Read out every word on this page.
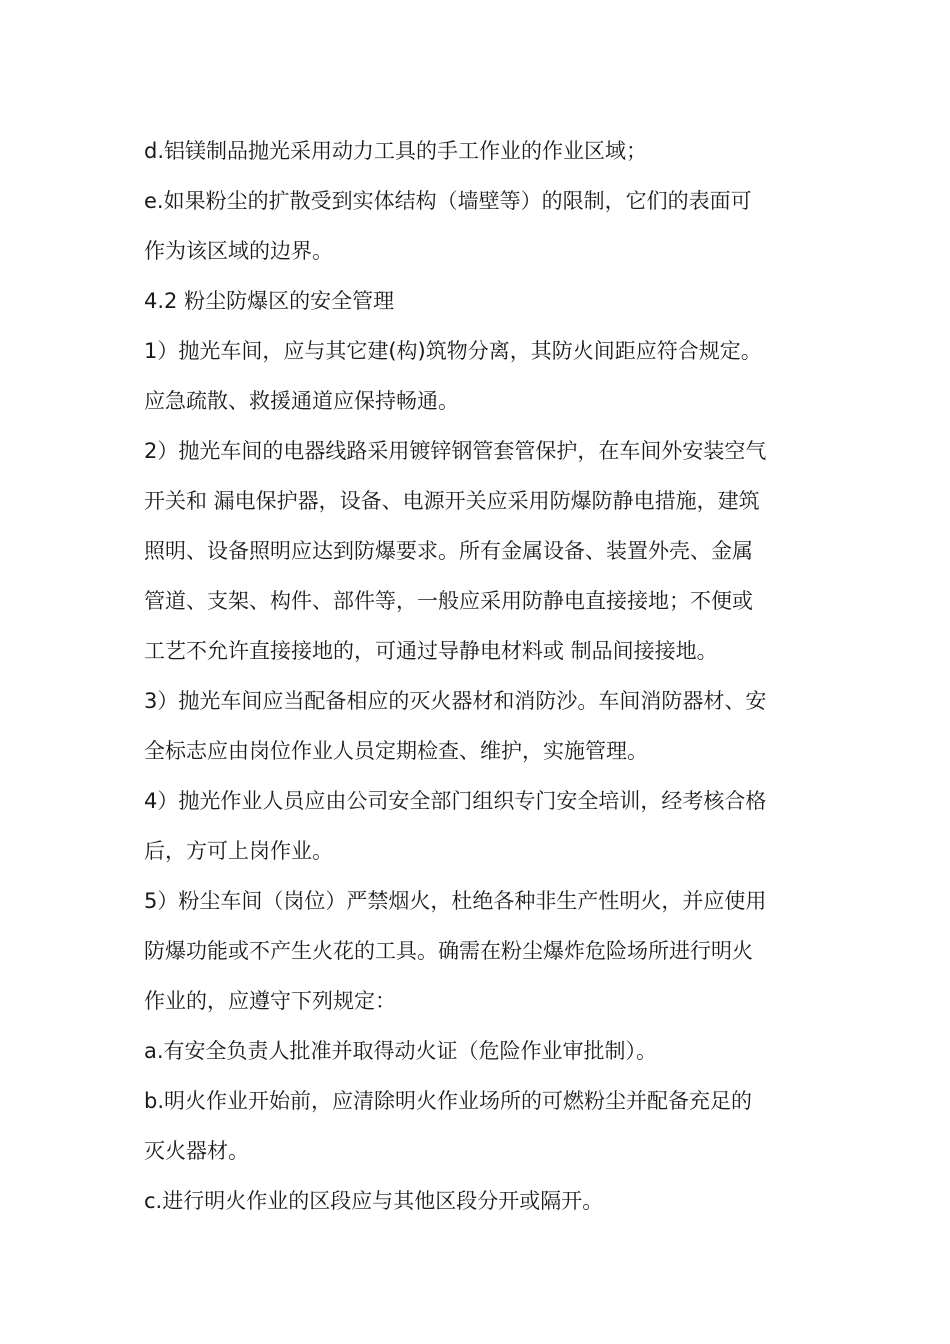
d.铝镁制品抛光采用动力工具的手工作业的作业区域；

e.如果粉尘的扩散受到实体结构（墙壁等）的限制，它们的表面可

作为该区域的边界。

4.2 粉尘防爆区的安全管理

1）抛光车间，应与其它建(构)筑物分离，其防火间距应符合规定。

应急疏散、救援通道应保持畅通。

2）抛光车间的电器线路采用镀锌钢管套管保护，在车间外安装空气

开关和 漏电保护器，设备、电源开关应采用防爆防静电措施，建筑

照明、设备照明应达到防爆要求。所有金属设备、装置外壳、金属

管道、支架、构件、部件等，一般应采用防静电直接接地；不便或

工艺不允许直接接地的，可通过导静电材料或 制品间接接地。

3）抛光车间应当配备相应的灭火器材和消防沙。车间消防器材、安

全标志应由岗位作业人员定期检查、维护，实施管理。

4）抛光作业人员应由公司安全部门组织专门安全培训，经考核合格

后，方可上岗作业。

5）粉尘车间（岗位）严禁烟火，杜绝各种非生产性明火，并应使用

防爆功能或不产生火花的工具。确需在粉尘爆炸危险场所进行明火

作业的，应遵守下列规定：

a.有安全负责人批准并取得动火证（危险作业审批制）。

b.明火作业开始前，应清除明火作业场所的可燃粉尘并配备充足的

灭火器材。

c.进行明火作业的区段应与其他区段分开或隔开。
